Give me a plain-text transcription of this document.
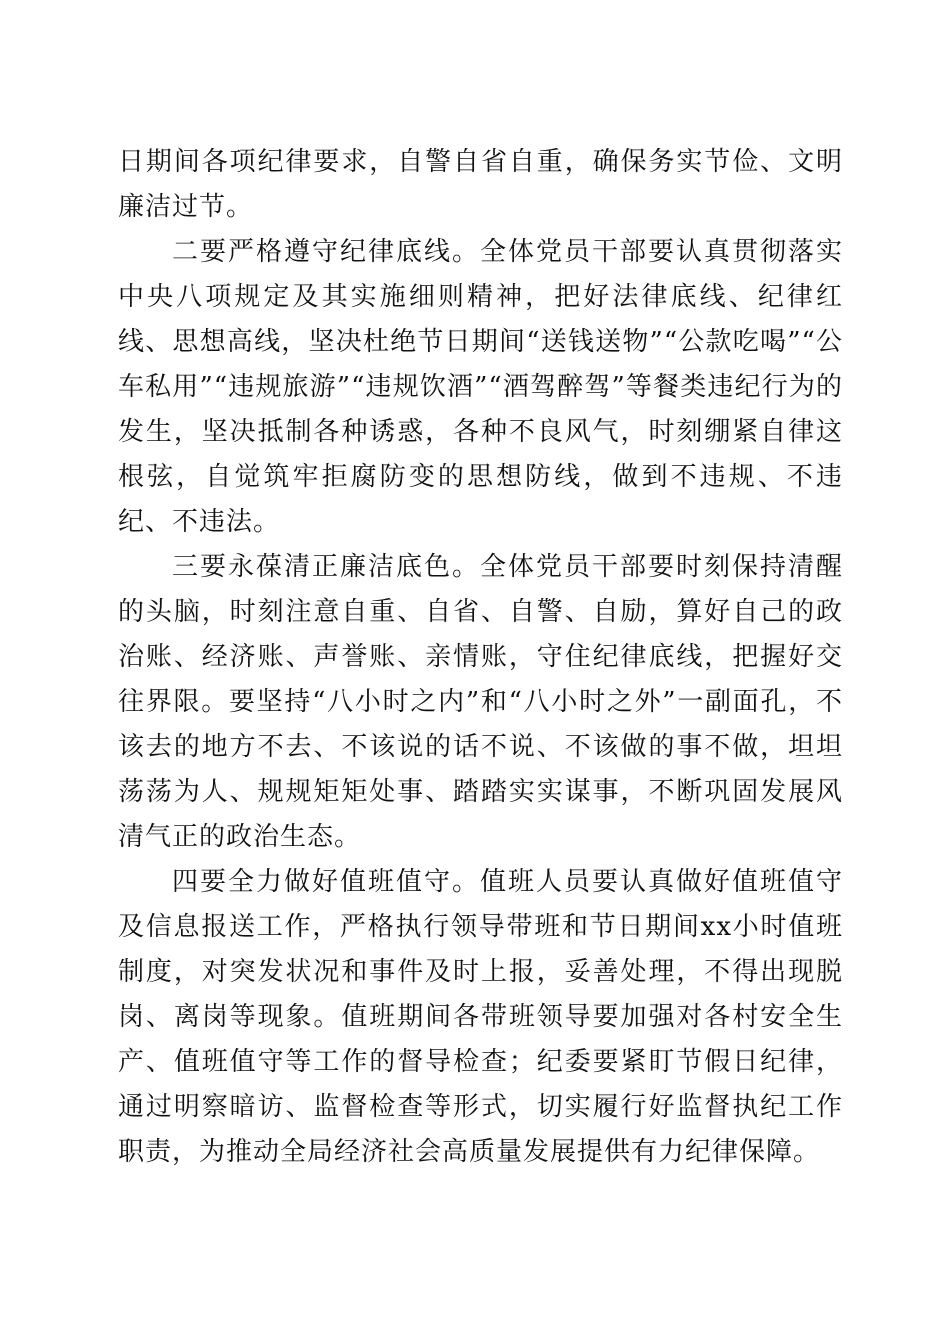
日期间各项纪律要求，自警自省自重，确保务实节俭、文明廉洁过节。

二要严格遵守纪律底线。全体党员干部要认真贯彻落实中央八项规定及其实施细则精神，把好法律底线、纪律红线、思想高线，坚决杜绝节日期间“送钱送物”“公款吃喝”“公车私用”“违规旅游”“违规饮酒”“酒驾醉驾”等餐类违纪行为的发生，坚决抵制各种诱惑，各种不良风气，时刻绷紧自律这根弦，自觉筑牢拒腐防变的思想防线，做到不违规、不违纪、不违法。

三要永葆清正廉洁底色。全体党员干部要时刻保持清醒的头脑，时刻注意自重、自省、自警、自励，算好自己的政治账、经济账、声誉账、亲情账，守住纪律底线，把握好交往界限。要坚持“八小时之内”和“八小时之外”一副面孔，不该去的地方不去、不该说的话不说、不该做的事不做，坦坦荡荡为人、规规矩矩处事、踏踏实实谋事，不断巩固发展风清气正的政治生态。

四要全力做好值班值守。值班人员要认真做好值班值守及信息报送工作，严格执行领导带班和节日期间xx小时值班制度，对突发状况和事件及时上报，妥善处理，不得出现脱岗、离岗等现象。值班期间各带班领导要加强对各村安全生产、值班值守等工作的督导检查；纪委要紧盯节假日纪律，通过明察暗访、监督检查等形式，切实履行好监督执纪工作职责，为推动全局经济社会高质量发展提供有力纪律保障。
